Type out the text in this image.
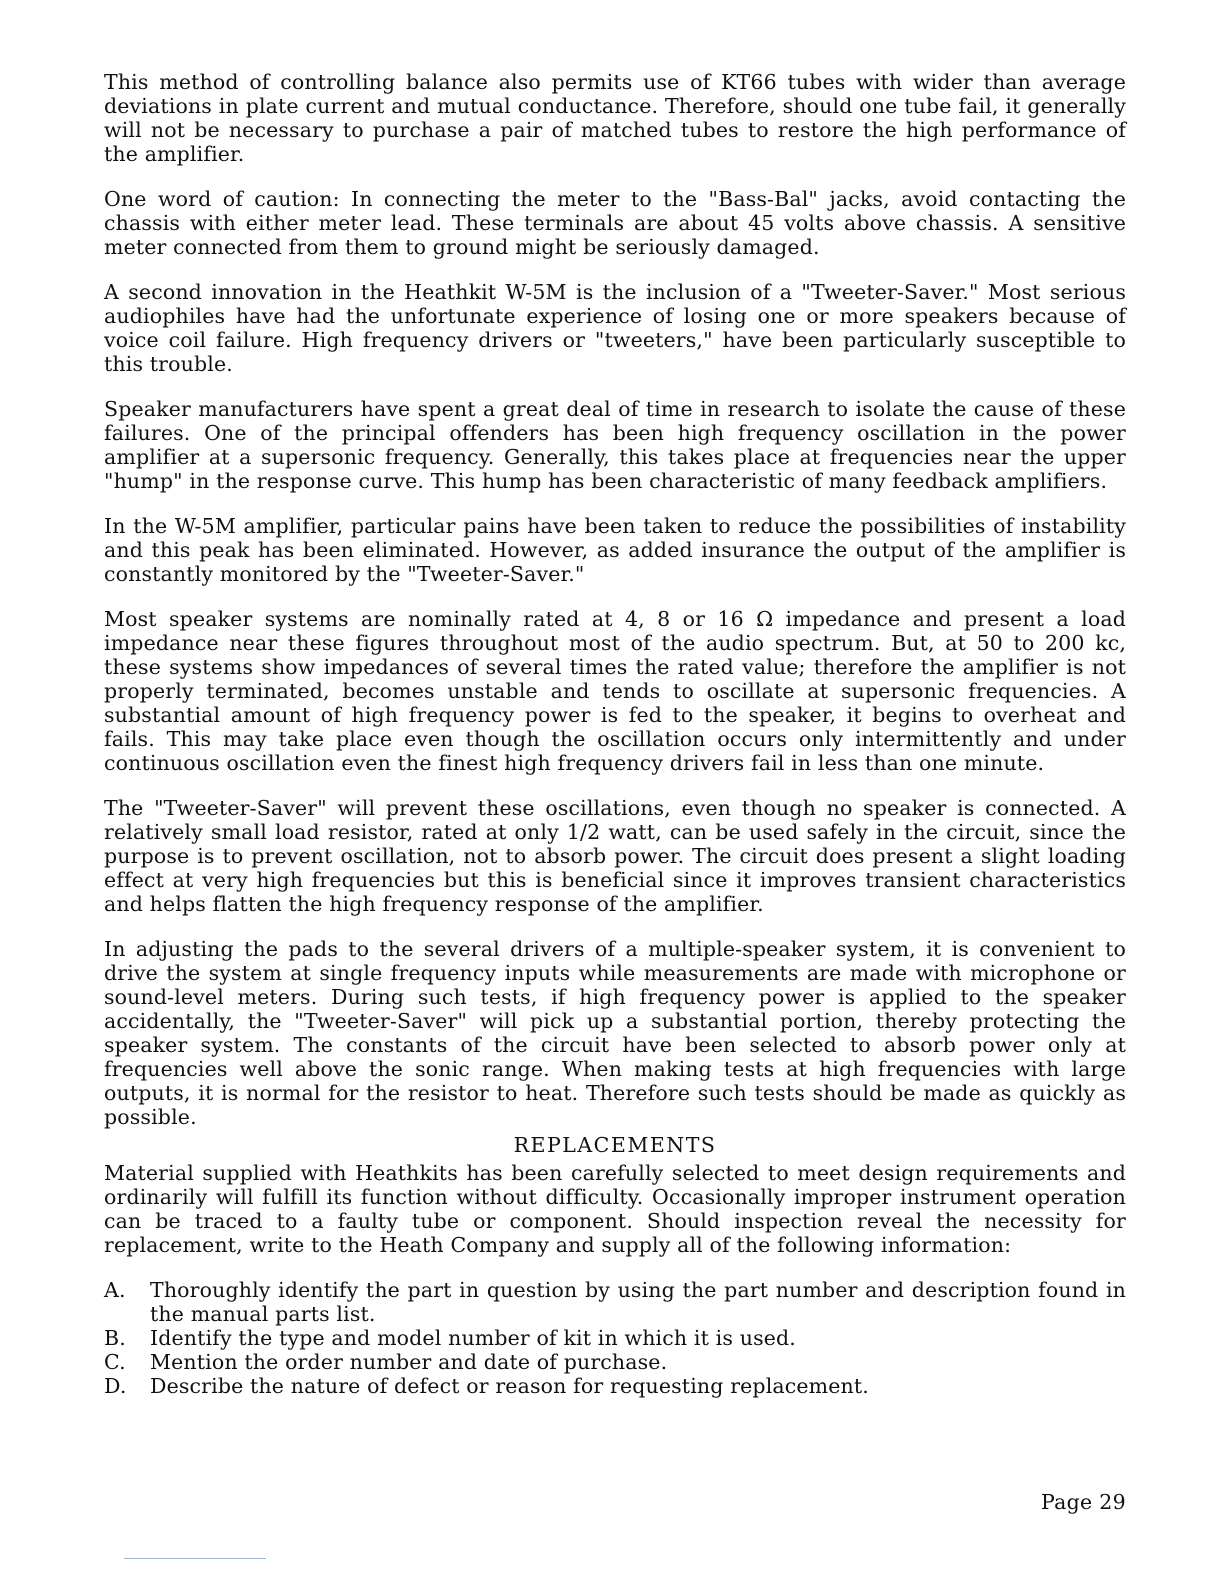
This method of controlling balance also permits use of KT66 tubes with wider than average deviations in plate current and mutual conductance. Therefore, should one tube fail, it generally will not be necessary to purchase a pair of matched tubes to restore the high performance of the amplifier.

One word of caution: In connecting the meter to the "Bass-Bal" jacks, avoid contacting the chassis with either meter lead. These terminals are about 45 volts above chassis. A sensitive meter connected from them to ground might be seriously damaged.

A second innovation in the Heathkit W-5M is the inclusion of a "Tweeter-Saver." Most serious audiophiles have had the unfortunate experience of losing one or more speakers because of voice coil failure. High frequency drivers or "tweeters," have been particularly susceptible to this trouble.

Speaker manufacturers have spent a great deal of time in research to isolate the cause of these failures. One of the principal offenders has been high frequency oscillation in the power amplifier at a supersonic frequency. Generally, this takes place at frequencies near the upper "hump" in the response curve. This hump has been characteristic of many feedback amplifiers.

In the W-5M amplifier, particular pains have been taken to reduce the possibilities of instability and this peak has been eliminated. However, as added insurance the output of the amplifier is constantly monitored by the "Tweeter-Saver."

Most speaker systems are nominally rated at 4, 8 or 16 Ω impedance and present a load impedance near these figures throughout most of the audio spectrum. But, at 50 to 200 kc, these systems show impedances of several times the rated value; therefore the amplifier is not properly terminated, becomes unstable and tends to oscillate at supersonic frequencies. A substantial amount of high frequency power is fed to the speaker, it begins to overheat and fails. This may take place even though the oscillation occurs only intermittently and under continuous oscillation even the finest high frequency drivers fail in less than one minute.

The "Tweeter-Saver" will prevent these oscillations, even though no speaker is connected. A relatively small load resistor, rated at only 1/2 watt, can be used safely in the circuit, since the purpose is to prevent oscillation, not to absorb power. The circuit does present a slight loading effect at very high frequencies but this is beneficial since it improves transient characteristics and helps flatten the high frequency response of the amplifier.

In adjusting the pads to the several drivers of a multiple-speaker system, it is convenient to drive the system at single frequency inputs while measurements are made with microphone or sound-level meters. During such tests, if high frequency power is applied to the speaker accidentally, the "Tweeter-Saver" will pick up a substantial portion, thereby protecting the speaker system. The constants of the circuit have been selected to absorb power only at frequencies well above the sonic range. When making tests at high frequencies with large outputs, it is normal for the resistor to heat. Therefore such tests should be made as quickly as possible.

REPLACEMENTS

Material supplied with Heathkits has been carefully selected to meet design requirements and ordinarily will fulfill its function without difficulty. Occasionally improper instrument operation can be traced to a faulty tube or component. Should inspection reveal the necessity for replacement, write to the Heath Company and supply all of the following information:

A.	Thoroughly identify the part in question by using the part number and description found in the manual parts list.
B.	Identify the type and model number of kit in which it is used.
C.	Mention the order number and date of purchase.
D.	Describe the nature of defect or reason for requesting replacement.
Page 29
